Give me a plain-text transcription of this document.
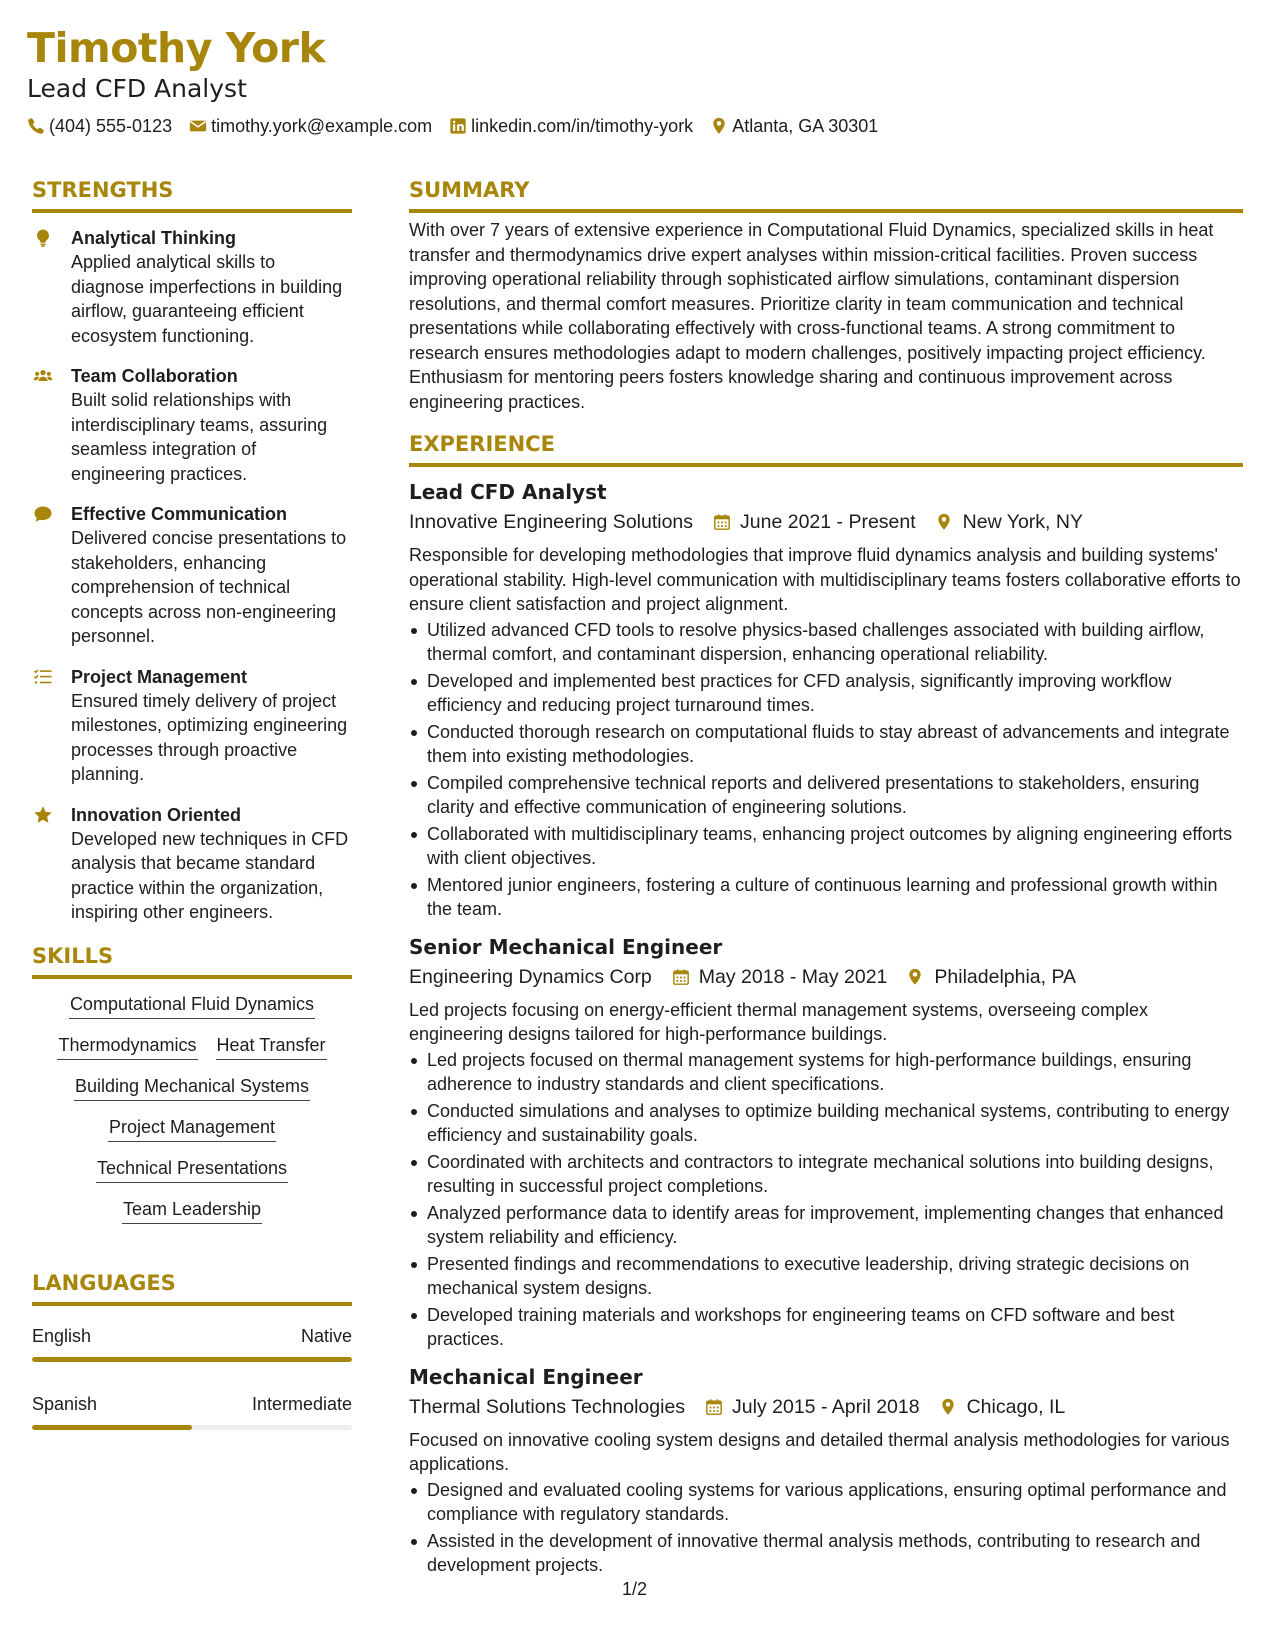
Timothy York
Lead CFD Analyst
(404) 555-0123 timothy.york@example.com linkedin.com/in/timothy-york Atlanta, GA 30301
STRENGTHS
Analytical Thinking
Applied analytical skills to diagnose imperfections in building airflow, guaranteeing efficient ecosystem functioning.
Team Collaboration
Built solid relationships with interdisciplinary teams, assuring seamless integration of engineering practices.
Effective Communication
Delivered concise presentations to stakeholders, enhancing comprehension of technical concepts across non-engineering personnel.
Project Management
Ensured timely delivery of project milestones, optimizing engineering processes through proactive planning.
Innovation Oriented
Developed new techniques in CFD analysis that became standard practice within the organization, inspiring other engineers.
SKILLS
Computational Fluid Dynamics
Thermodynamics Heat Transfer
Building Mechanical Systems
Project Management
Technical Presentations
Team Leadership
LANGUAGES
English	Native
Spanish	Intermediate
SUMMARY
With over 7 years of extensive experience in Computational Fluid Dynamics, specialized skills in heat transfer and thermodynamics drive expert analyses within mission-critical facilities. Proven success improving operational reliability through sophisticated airflow simulations, contaminant dispersion resolutions, and thermal comfort measures. Prioritize clarity in team communication and technical presentations while collaborating effectively with cross-functional teams. A strong commitment to research ensures methodologies adapt to modern challenges, positively impacting project efficiency. Enthusiasm for mentoring peers fosters knowledge sharing and continuous improvement across engineering practices.
EXPERIENCE
Lead CFD Analyst
Innovative Engineering Solutions June 2021 - Present New York, NY
Responsible for developing methodologies that improve fluid dynamics analysis and building systems' operational stability. High-level communication with multidisciplinary teams fosters collaborative efforts to ensure client satisfaction and project alignment.
Utilized advanced CFD tools to resolve physics-based challenges associated with building airflow, thermal comfort, and contaminant dispersion, enhancing operational reliability.
Developed and implemented best practices for CFD analysis, significantly improving workflow efficiency and reducing project turnaround times.
Conducted thorough research on computational fluids to stay abreast of advancements and integrate them into existing methodologies.
Compiled comprehensive technical reports and delivered presentations to stakeholders, ensuring clarity and effective communication of engineering solutions.
Collaborated with multidisciplinary teams, enhancing project outcomes by aligning engineering efforts with client objectives.
Mentored junior engineers, fostering a culture of continuous learning and professional growth within the team.
Senior Mechanical Engineer
Engineering Dynamics Corp May 2018 - May 2021 Philadelphia, PA
Led projects focusing on energy-efficient thermal management systems, overseeing complex engineering designs tailored for high-performance buildings.
Led projects focused on thermal management systems for high-performance buildings, ensuring adherence to industry standards and client specifications.
Conducted simulations and analyses to optimize building mechanical systems, contributing to energy efficiency and sustainability goals.
Coordinated with architects and contractors to integrate mechanical solutions into building designs, resulting in successful project completions.
Analyzed performance data to identify areas for improvement, implementing changes that enhanced system reliability and efficiency.
Presented findings and recommendations to executive leadership, driving strategic decisions on mechanical system designs.
Developed training materials and workshops for engineering teams on CFD software and best practices.
Mechanical Engineer
Thermal Solutions Technologies July 2015 - April 2018 Chicago, IL
Focused on innovative cooling system designs and detailed thermal analysis methodologies for various applications.
Designed and evaluated cooling systems for various applications, ensuring optimal performance and compliance with regulatory standards.
Assisted in the development of innovative thermal analysis methods, contributing to research and development projects.
1/2
